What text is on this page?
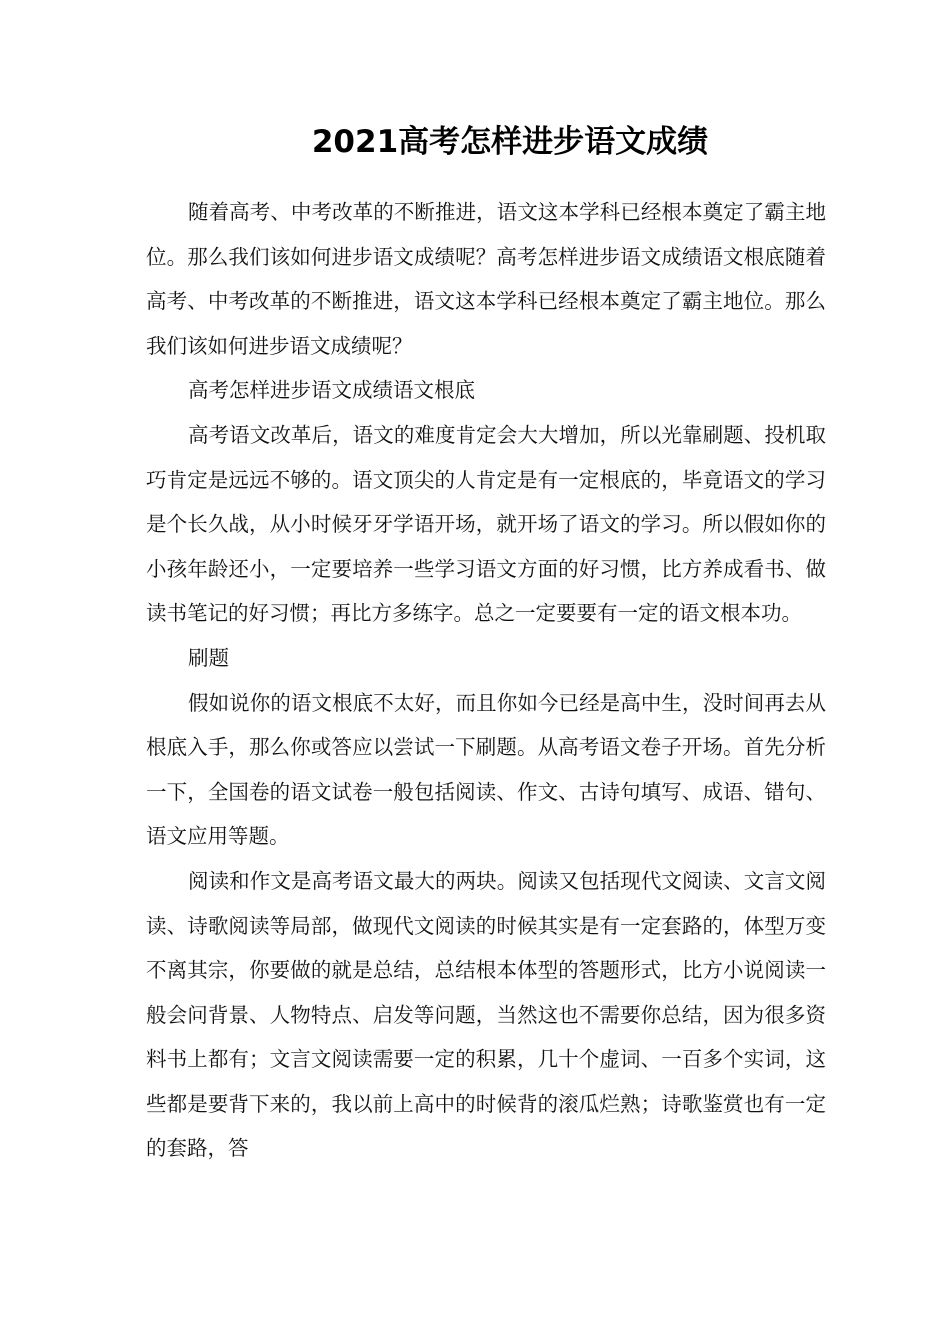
2021高考怎样进步语文成绩

随着高考、中考改革的不断推进，语文这本学科已经根本奠定了霸主地位。那么我们该如何进步语文成绩呢？高考怎样进步语文成绩语文根底随着高考、中考改革的不断推进，语文这本学科已经根本奠定了霸主地位。那么我们该如何进步语文成绩呢？

高考怎样进步语文成绩语文根底

高考语文改革后，语文的难度肯定会大大增加，所以光靠刷题、投机取巧肯定是远远不够的。语文顶尖的人肯定是有一定根底的，毕竟语文的学习是个长久战，从小时候牙牙学语开场，就开场了语文的学习。所以假如你的小孩年龄还小，一定要培养一些学习语文方面的好习惯，比方养成看书、做读书笔记的好习惯；再比方多练字。总之一定要要有一定的语文根本功。

刷题

假如说你的语文根底不太好，而且你如今已经是高中生，没时间再去从根底入手，那么你或答应以尝试一下刷题。从高考语文卷子开场。首先分析一下，全国卷的语文试卷一般包括阅读、作文、古诗句填写、成语、错句、语文应用等题。

阅读和作文是高考语文最大的两块。阅读又包括现代文阅读、文言文阅读、诗歌阅读等局部，做现代文阅读的时候其实是有一定套路的，体型万变不离其宗，你要做的就是总结，总结根本体型的答题形式，比方小说阅读一般会问背景、人物特点、启发等问题，当然这也不需要你总结，因为很多资料书上都有；文言文阅读需要一定的积累，几十个虚词、一百多个实词，这些都是要背下来的，我以前上高中的时候背的滚瓜烂熟；诗歌鉴赏也有一定的套路，答
